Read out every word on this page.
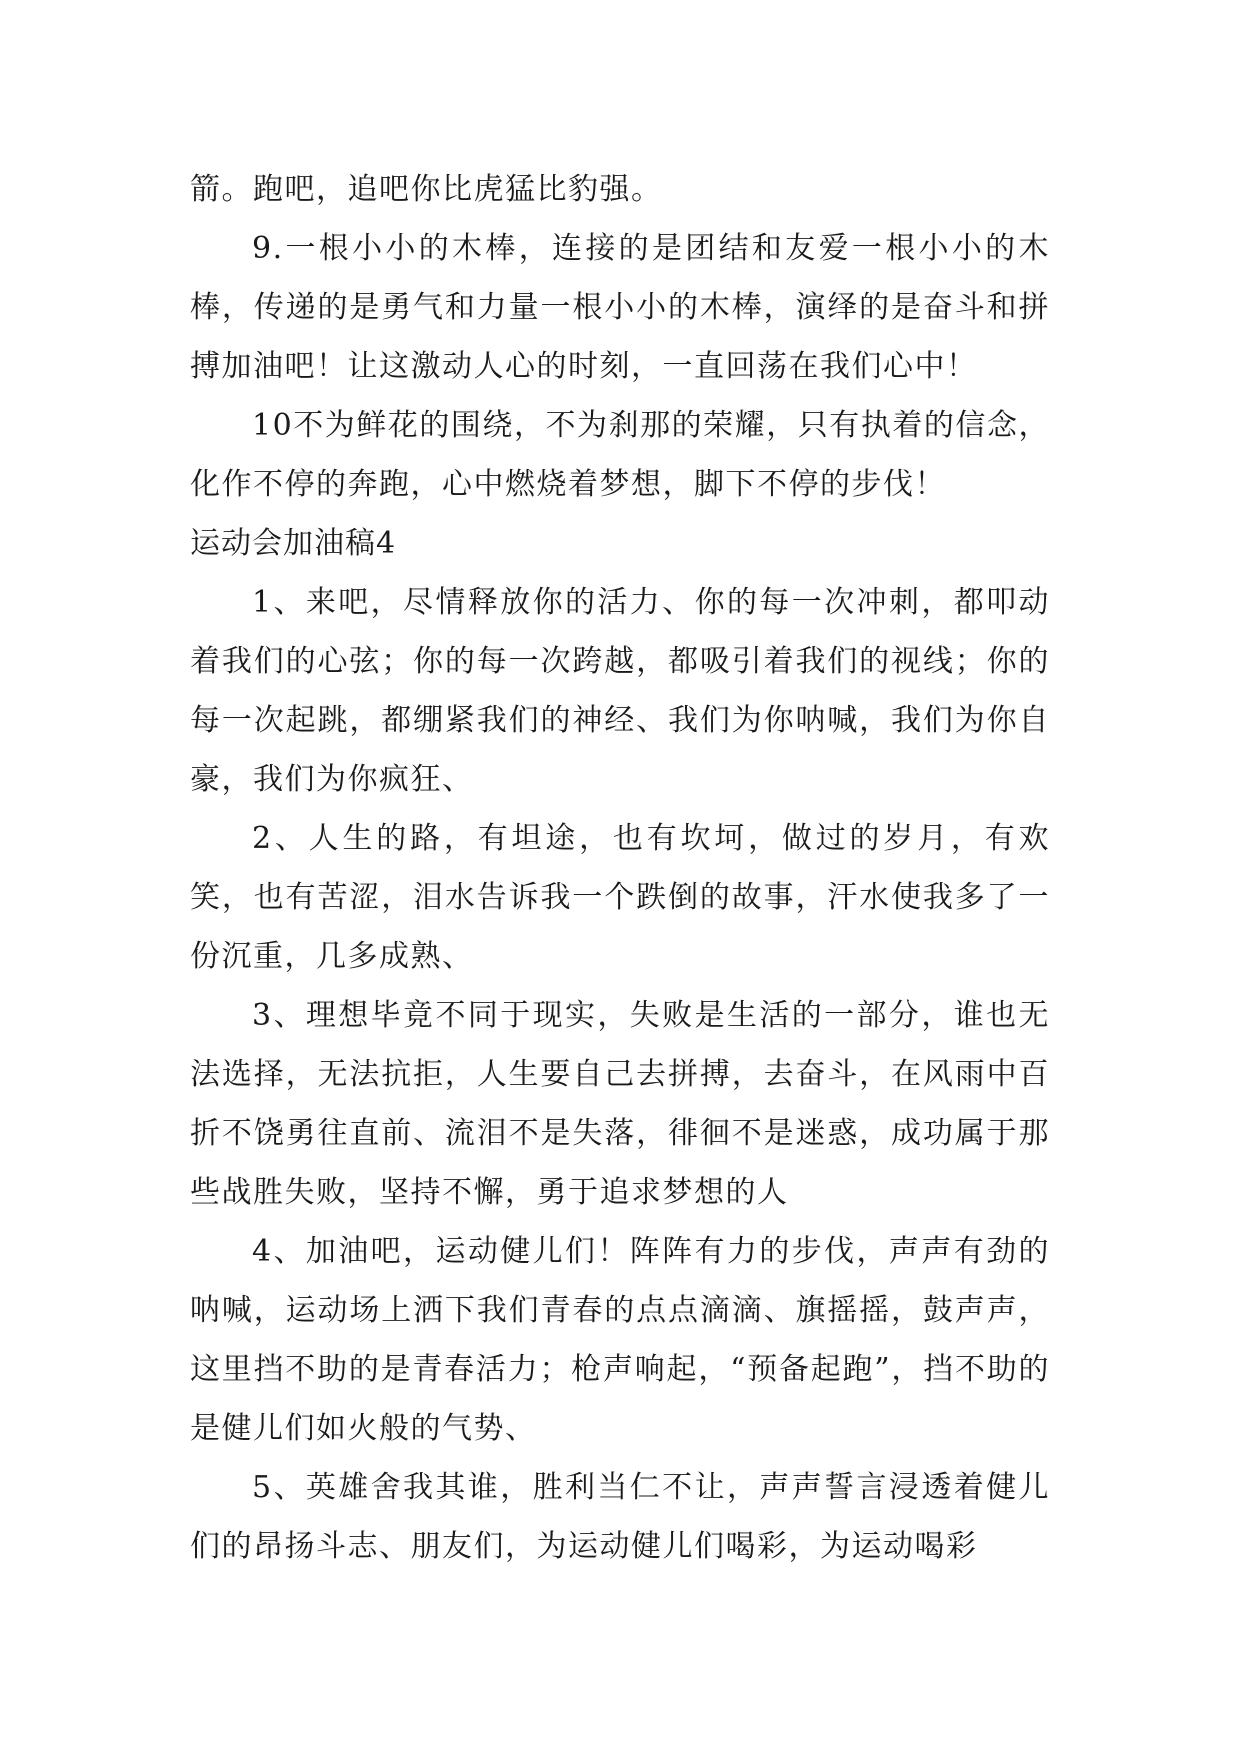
箭。跑吧，追吧你比虎猛比豹强。

9.一根小小的木棒，连接的是团结和友爱一根小小的木棒，传递的是勇气和力量一根小小的木棒，演绎的是奋斗和拼搏加油吧！让这激动人心的时刻，一直回荡在我们心中！

10不为鲜花的围绕，不为刹那的荣耀，只有执着的信念，化作不停的奔跑，心中燃烧着梦想，脚下不停的步伐！

运动会加油稿4

1、来吧，尽情释放你的活力、你的每一次冲刺，都叩动着我们的心弦；你的每一次跨越，都吸引着我们的视线；你的每一次起跳，都绷紧我们的神经、我们为你呐喊，我们为你自豪，我们为你疯狂、

2、人生的路，有坦途，也有坎坷，做过的岁月，有欢笑，也有苦涩，泪水告诉我一个跌倒的故事，汗水使我多了一份沉重，几多成熟、

3、理想毕竟不同于现实，失败是生活的一部分，谁也无法选择，无法抗拒，人生要自己去拼搏，去奋斗，在风雨中百折不饶勇往直前、流泪不是失落，徘徊不是迷惑，成功属于那些战胜失败，坚持不懈，勇于追求梦想的人

4、加油吧，运动健儿们！阵阵有力的步伐，声声有劲的呐喊，运动场上洒下我们青春的点点滴滴、旗摇摇，鼓声声，这里挡不助的是青春活力；枪声响起，“预备起跑”，挡不助的是健儿们如火般的气势、

5、英雄舍我其谁，胜利当仁不让，声声誓言浸透着健儿们的昂扬斗志、朋友们，为运动健儿们喝彩，为运动喝彩
